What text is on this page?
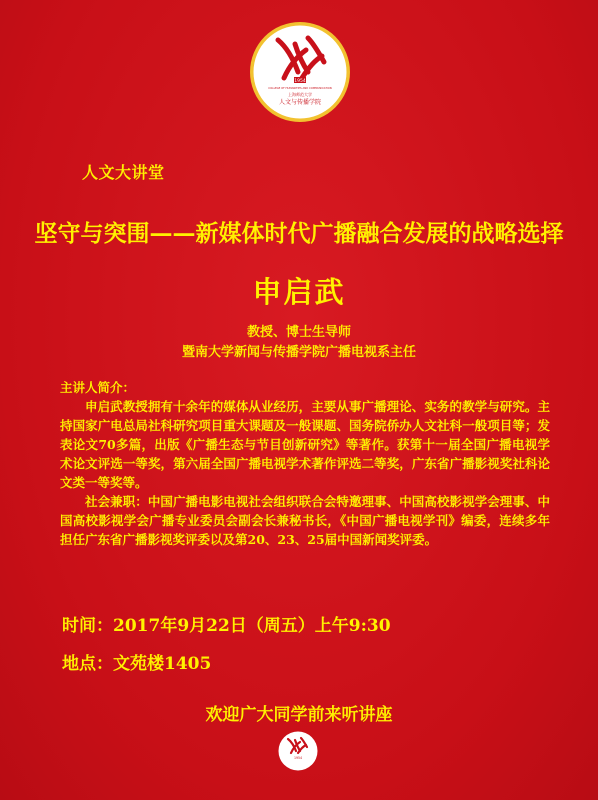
1954
COLLEGE OF HUMANITIES AND COMMUNICATION
上海师范大学
人文与传播学院
人文大讲堂
坚守与突围——新媒体时代广播融合发展的战略选择
申启武
教授、博士生导师
暨南大学新闻与传播学院广播电视系主任

主讲人简介：

申启武教授拥有十余年的媒体从业经历，主要从事广播理论、实务的教学与研究。主持国家广电总局社科研究项目重大课题及一般课题、国务院侨办人文社科一般项目等；发表论文70多篇，出版《广播生态与节目创新研究》等著作。获第十一届全国广播电视学术论文评选一等奖，第六届全国广播电视学术著作评选二等奖，广东省广播影视奖社科论文类一等奖等。

社会兼职：中国广播电影电视社会组织联合会特邀理事、中国高校影视学会理事、中国高校影视学会广播专业委员会副会长兼秘书长，《中国广播电视学刊》编委，连续多年担任广东省广播影视奖评委以及第20、23、25届中国新闻奖评委。

时间：2017年9月22日（周五）上午9:30
地点：文苑楼1405
欢迎广大同学前来听讲座
1954
